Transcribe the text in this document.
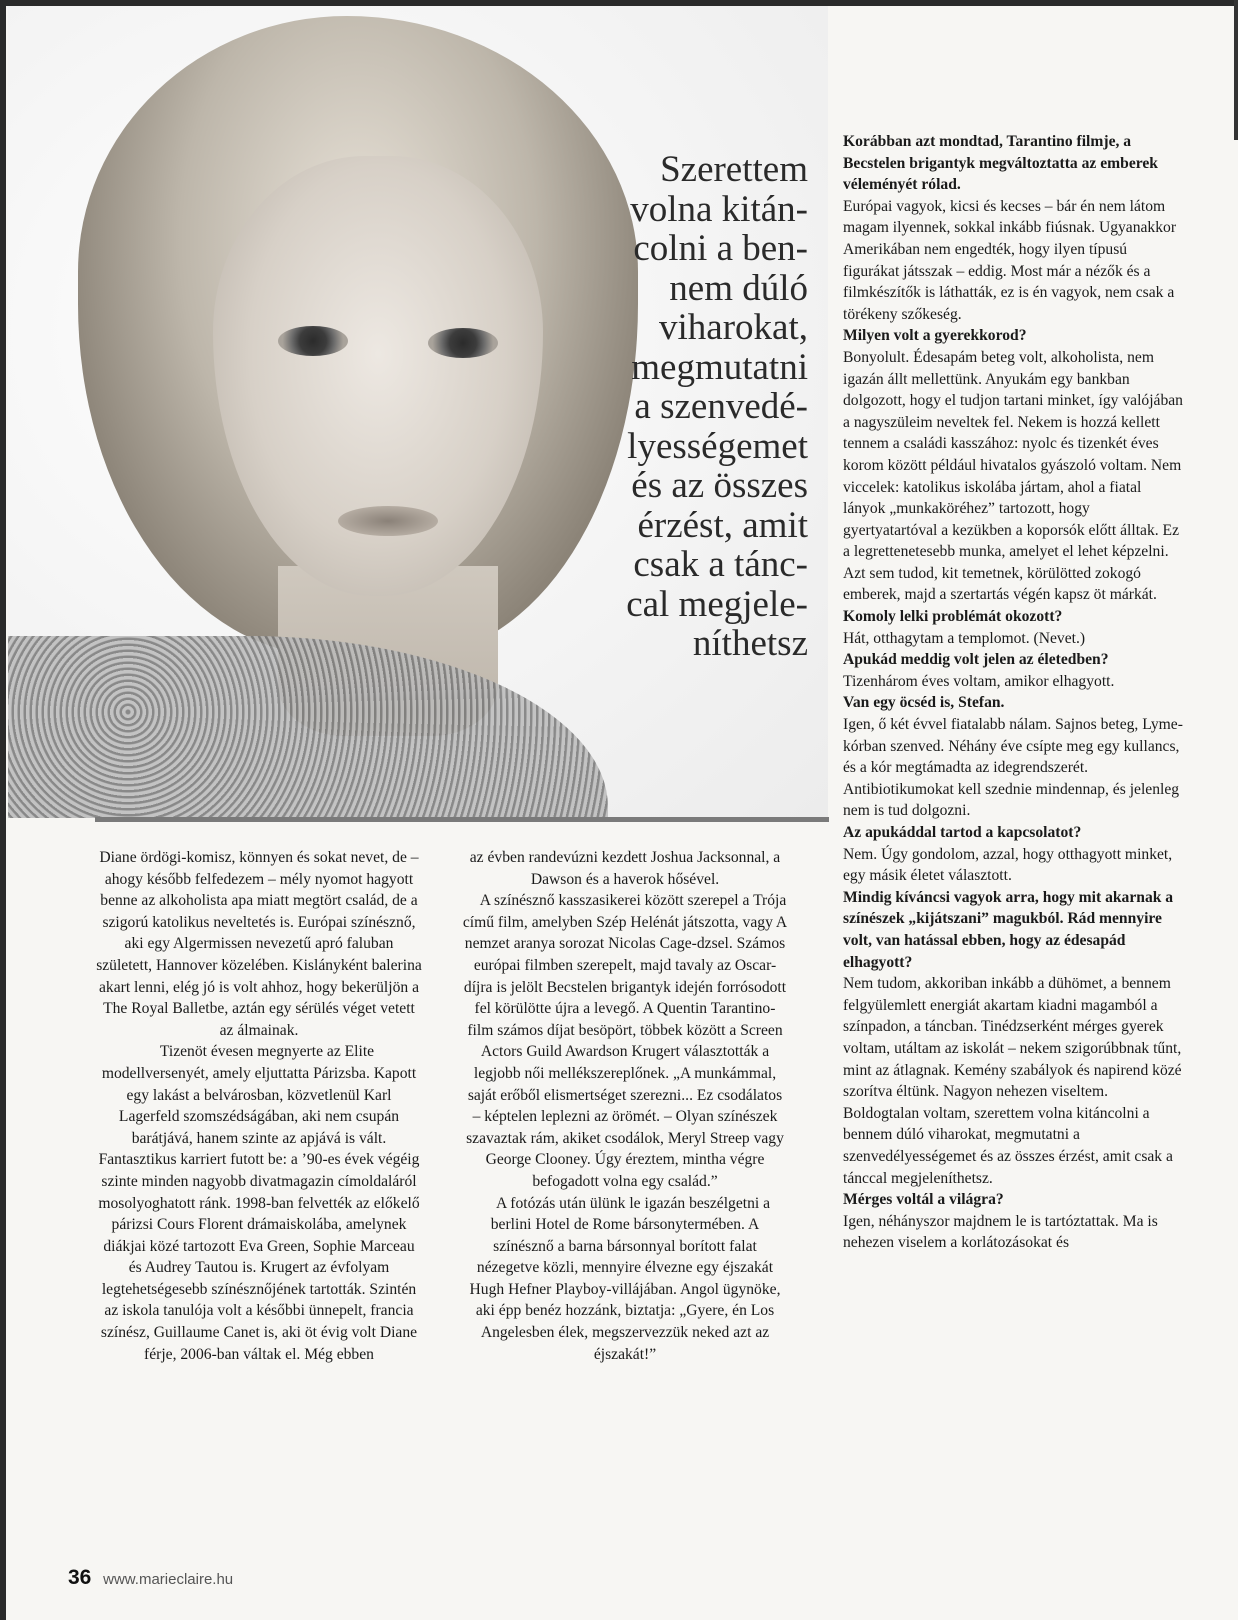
Szerettem
volna kitán-
colni a ben-
nem dúló
viharokat,
megmutatni
a szenvedé-
lyességemet
és az összes
érzést, amit
csak a tánc-
cal megjele-
níthetsz

Korábban azt mondtad, Tarantino filmje, a Becstelen brigantyk megváltoztatta az emberek véleményét rólad.

Európai vagyok, kicsi és kecses – bár én nem látom magam ilyennek, sokkal inkább fiúsnak. Ugyanakkor Amerikában nem engedték, hogy ilyen típusú figurákat játsszak – eddig. Most már a nézők és a filmkészítők is láthatták, ez is én vagyok, nem csak a törékeny szőkeség.

Milyen volt a gyerekkorod?

Bonyolult. Édesapám beteg volt, alkoholista, nem igazán állt mellettünk. Anyukám egy bankban dolgozott, hogy el tudjon tartani minket, így valójában a nagyszüleim neveltek fel. Nekem is hozzá kellett tennem a családi kasszához: nyolc és tizenkét éves korom között például hivatalos gyászoló voltam. Nem viccelek: katolikus iskolába jártam, ahol a fiatal lányok „munkaköréhez” tartozott, hogy gyertyatartóval a kezükben a koporsók előtt álltak. Ez a legrettenetesebb munka, amelyet el lehet képzelni. Azt sem tudod, kit temetnek, körülötted zokogó emberek, majd a szertartás végén kapsz öt márkát.

Komoly lelki problémát okozott?

Hát, otthagytam a templomot. (Nevet.)

Apukád meddig volt jelen az életedben?

Tizenhárom éves voltam, amikor elhagyott.

Van egy öcséd is, Stefan.

Igen, ő két évvel fiatalabb nálam. Sajnos beteg, Lyme-kórban szenved. Néhány éve csípte meg egy kullancs, és a kór megtámadta az idegrendszerét. Antibiotikumokat kell szednie mindennap, és jelenleg nem is tud dolgozni.

Az apukáddal tartod a kapcsolatot?

Nem. Úgy gondolom, azzal, hogy otthagyott minket, egy másik életet választott.

Mindig kíváncsi vagyok arra, hogy mit akarnak a színészek „kijátszani” magukból. Rád mennyire volt, van hatással ebben, hogy az édesapád elhagyott?

Nem tudom, akkoriban inkább a dühömet, a bennem felgyülemlett energiát akartam kiadni magamból a színpadon, a táncban. Tinédzserként mérges gyerek voltam, utáltam az iskolát – nekem szigorúbbnak tűnt, mint az átlagnak. Kemény szabályok és napirend közé szorítva éltünk. Nagyon nehezen viseltem. Boldogtalan voltam, szerettem volna kitáncolni a bennem dúló viharokat, megmutatni a szenvedélyességemet és az összes érzést, amit csak a tánccal megjeleníthetsz.

Mérges voltál a világra?

Igen, néhányszor majdnem le is tartóztattak. Ma is nehezen viselem a korlátozásokat és

Diane ördögi-komisz, könnyen és sokat nevet, de – ahogy később felfedezem – mély nyomot hagyott benne az alkoholista apa miatt megtört család, de a szigorú katolikus neveltetés is. Európai színésznő, aki egy Algermissen nevezetű apró faluban született, Hannover közelében. Kislányként balerina akart lenni, elég jó is volt ahhoz, hogy bekerüljön a The Royal Balletbe, aztán egy sérülés véget vetett az álmainak.

Tizenöt évesen megnyerte az Elite modellversenyét, amely eljuttatta Párizsba. Kapott egy lakást a belvárosban, közvetlenül Karl Lagerfeld szomszédságában, aki nem csupán barátjává, hanem szinte az apjává is vált. Fantasztikus karriert futott be: a ’90-es évek végéig szinte minden nagyobb divatmagazin címoldaláról mosolyoghatott ránk. 1998-ban felvették az előkelő párizsi Cours Florent drámaiskolába, amelynek diákjai közé tartozott Eva Green, Sophie Marceau és Audrey Tautou is. Krugert az évfolyam legtehetségesebb színésznőjének tartották. Szintén az iskola tanulója volt a későbbi ünnepelt, francia színész, Guillaume Canet is, aki öt évig volt Diane férje, 2006-ban váltak el. Még ebben

az évben randevúzni kezdett Joshua Jacksonnal, a Dawson és a haverok hősével.

A színésznő kasszasikerei között szerepel a Trója című film, amelyben Szép Helénát játszotta, vagy A nemzet aranya sorozat Nicolas Cage-dzsel. Számos európai filmben szerepelt, majd tavaly az Oscar-díjra is jelölt Becstelen brigantyk idején forrósodott fel körülötte újra a levegő. A Quentin Tarantino-film számos díjat besöpört, többek között a Screen Actors Guild Awardson Krugert választották a legjobb női mellékszereplőnek. „A munkámmal, saját erőből elismertséget szerezni... Ez csodálatos – képtelen leplezni az örömét. – Olyan színészek szavaztak rám, akiket csodálok, Meryl Streep vagy George Clooney. Úgy éreztem, mintha végre befogadott volna egy család.”

A fotózás után ülünk le igazán beszélgetni a berlini Hotel de Rome bársonytermében. A színésznő a barna bársonnyal borított falat nézegetve közli, mennyire élvezne egy éjszakát Hugh Hefner Playboy-villájában. Angol ügynöke, aki épp benéz hozzánk, biztatja: „Gyere, én Los Angelesben élek, megszervezzük neked azt az éjszakát!”

36 www.marieclaire.hu
